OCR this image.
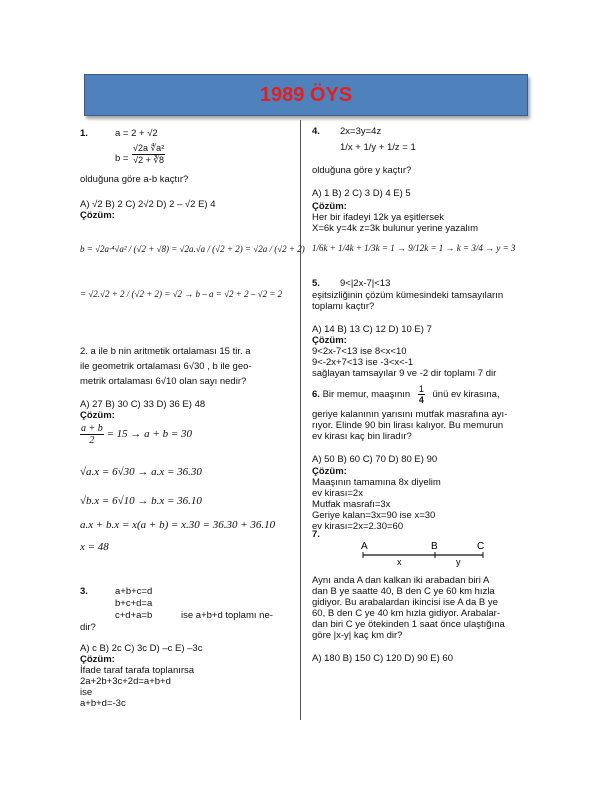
1989 ÖYS
1.	a = 2 + √2
$b = \frac{\text{√2a ∜a²}}{√2 + ∛8}$
olduğuna göre a-b kaçtır?
A) √2 B) 2 C) 2√2 D) 2 – √2 E) 4
Çözüm:
b = √2a·⁴√a² / (√2 + √8) = √2a.√a / (√2 + 2) = √2a / (√2 + 2)
= √2.√2 + 2 / (√2 + 2) = √2 → b – a = √2 + 2 – √2 = 2
2. a ile b nin aritmetik ortalaması 15 tir. a
ile geometrik ortalaması 6√30 , b ile geo-
metrik ortalaması 6√10 olan sayı nedir?
A) 27 B) 30 C) 33 D) 36 E) 48
Çözüm:
$\frac{a + b}{2} = 15 \to a + b = 30$
√a.x = 6√30 → a.x = 36.30
√b.x = 6√10 → b.x = 36.10
a.x + b.x = x(a + b) = x.30 = 36.30 + 36.10
x = 48
3.	a+b+c=d
b+c+d=a
c+d+a=b	ise a+b+d toplamı ne-
dir?
A) c B) 2c C) 3c D) –c E) –3c
Çözüm:
İfade taraf tarafa toplanırsa
2a+2b+3c+2d=a+b+d
ise
a+b+d=-3c
4. 2x=3y=4z
1/x + 1/y + 1/z = 1
olduğuna göre y kaçtır?
A) 1 B) 2 C) 3 D) 4 E) 5
Çözüm:
Her bir ifadeyi 12k ya eşitlersek
X=6k y=4k z=3k bulunur yerine yazalım
1/6k + 1/4k + 1/3k = 1 → 9/12k = 1 → k = 3/4 → y = 3
5. 9<|2x-7|<13
eşitsizliğinin çözüm kümesindeki tamsayıların
toplamı kaçtır?
A) 14 B) 13 C) 12 D) 10 E) 7
Çözüm:
9<2x-7<13 ise 8<x<10
9<-2x+7<13 ise -3<x<-1
sağlayan tamsayılar 9 ve -2 dir toplamı 7 dir
6. Bir memur, maaşının $\frac{1}{4}$ ünü ev kirasına,
geriye kalanının yarısını mutfak masrafına ayı-
rıyor. Elinde 90 bin lirası kalıyor. Bu memurun
ev kirası kaç bin liradır?
A) 50 B) 60 C) 70 D) 80 E) 90
Çözüm:
Maaşının tamamına 8x diyelim
ev kirası=2x
Mutfak masrafı=3x
Geriye kalan=3x=90 ise x=30
ev kirası=2x=2.30=60
7.
A	B	C
x	y
Aynı anda A dan kalkan iki arabadan biri A
dan B ye saatte 40, B den C ye 60 km hızla
gidiyor. Bu arabalardan ikincisi ise A da B ye
60, B den C ye 40 km hızla gidiyor. Arabalar-
dan biri C ye ötekinden 1 saat önce ulaştığına
göre |x-y| kaç km dir?
A) 180 B) 150 C) 120 D) 90 E) 60
